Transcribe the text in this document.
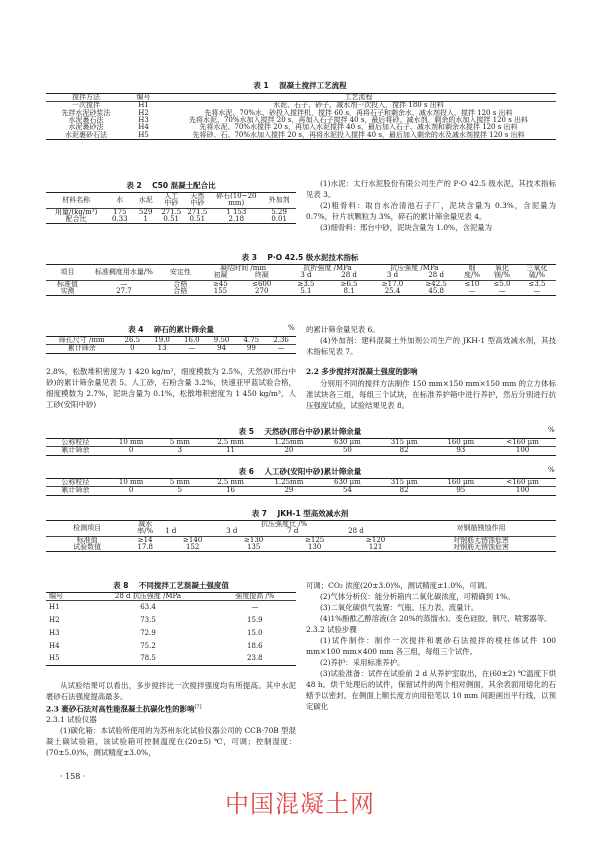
表 1    混凝土搅拌工艺流程
搅拌方法	编号	工艺流程
一次搅拌	H1	水泥、石子、砂子、减水剂一次投入，搅拌 180 s 出料
先拌水泥砂浆法	H2	先将水泥、70%水、砂投入搅拌机，搅拌 60 s，再将石子和剩余水、减水剂投入，搅拌 120 s 出料
水泥裹石法	H3	先将水泥、70%水加入搅拌 20 s，再加入石子搅拌 40 s，最后将砂、减水剂、剩余的水加入搅拌 120 s 出料
水泥裹砂法	H4	先将水泥、70%水搅拌 20 s，再加入水泥搅拌 40 s，最后加入石子、减水剂和剩余水搅拌 120 s 出料
水泥裹砂石法	H5	先将砂、石、70%水加入搅拌 20 s，再将水泥投入搅拌 40 s，最后加入剩余的水及减水剂搅拌 120 s 出料
表 2    C50 混凝土配合比
材料名称	水	水泥	人工中砂	天然中砂	碎石(10~20 mm)	外加剂
用量/(kg/m³)	175	529	271.5	271.5	1 153	5.29
配合比	0.33	1	0.51	0.51	2.18	0.01

(1)水泥：太行水泥股份有限公司生产的 P·O 42.5 级水泥，其技术指标见表 3。

(2)粗骨料：取自水冶清池石子厂，泥块含量为 0.3%，含泥量为 0.7%，针片状颗粒为 3%，碎石的累计筛余量见表 4。

(3)细骨料：邢台中砂，泥块含量为 1.0%，含泥量为

表 3    P·O 42.5 级水泥技术指标
项目	标准稠度用水量/%	安定性	凝结时间 /min		抗折强度 /MPa		抗压强度 /MPa		细度/%	氧化镁/%	三氧化硫/%
			初凝	终凝	3 d	28 d	3 d	28 d			
标准值	—	合格	≥45	≤600	≥3.5	≥6.5	≥17.0	≥42.5	≤10	≤5.0	≤3.5
实测	27.7	合格	155	270	5.1	8.1	25.4	45.8	—	—	—
表 4    碎石的累计筛余量	%
筛孔尺寸 /mm	26.5	19.0	16.0	9.50	4.75	2.36
累计筛余	0	13	—	94	99	—

的累计筛余量见表 6。

(4)外加剂：建科混凝土外加剂公司生产的 JKH-1 型高效减水剂，其技术指标见表 7。

2.8%，松散堆积密度为 1 420 kg/m³，细度模数为 2.5%，天然砂(邢台中砂)的累计筛余量见表 5。人工砂，石粉含量 3.2%，快速亚甲蓝试验合格，细度模数为 2.7%，泥块含量为 0.1%，松散堆积密度为 1 450 kg/m³，人工砂(安阳中砂)
2.2 多步搅拌对混凝土强度的影响
分别用不同的搅拌方法制作 150 mm×150 mm×150 mm 的立方体标准试块各三组，每组三个试块，在标准养护箱中进行养护，然后分别进行抗压强度试验，试验结果见表 8。
表 5    天然砂(邢台中砂)累计筛余量	%
公称粒径	10 mm	5 mm	2.5 mm	1.25mm	630 μm	315 μm	160 μm	<160 μm
累计筛余	0	3	11	20	50	82	93	100
表 6    人工砂(安阳中砂)累计筛余量	%
公称粒径	10 mm	5 mm	2.5 mm	1.25mm	630 μm	315 μm	160 μm	<160 μm
累计筛余	0	5	16	29	54	82	95	100
表 7    JKH-1 型高效减水剂
检测项目	减水率/%	抗压强度比 /%				对钢筋锈蚀作用
		1 d	3 d	7 d	28 d	
标准值	≥14	≥140	≥130	≥125	≥120	对钢筋无锈蚀危害
试验数值	17.8	152	135	130	121	对钢筋无锈蚀危害
表 8    不同搅拌工艺混凝土强度值
编号	28 d 抗压强度 /MPa	强度提高 /%
H1	63.4	—
H2	73.5	15.9
H3	72.9	15.0
H4	75.2	18.6
H5	78.5	23.8

从试验结果可以看出，多步搅拌比一次搅拌强度均有所提高。其中水泥裹砂石法强度提高最多。

2.3 裹砂石法对高性能混凝土抗碳化性的影响[7]

2.3.1 试验仪器

(1)碳化箱：本试验所使用的为苏州东化试验仪器公司的 CCB-70B 型混凝土碳试验箱，该试验箱可控制温度在(20±5) ℃，可调；控制湿度：(70±5.0)%，测试精度±3.0%，

可调；CO₂ 浓度(20±3.0)%，测试精度±1.0%，可调。

(2)气体分析仪：能分析箱内二氧化碳浓度，可精确到 1%。

(3)二氧化碳供气装置：气瓶、压力表、流量计。

(4)1%酚酞乙醇溶液(含 20%的蒸馏水)、变色硅胶、钢尺、喷雾器等。

2.3.2 试验步骤

(1)试件制作：制作一次搅拌和裹砂石法搅拌的棱柱体试件 100 mm×100 mm×400 mm 各三组，每组三个试件。

(2)养护：采用标准养护。

(3)试验准备：试件在试验前 2 d 从养护室取出，在(60±2) ℃温度下烘 48 h。烘干处理后的试件，保留试件的两个相对侧面，其余表面用熔化的石蜡予以密封。在侧面上顺长度方向用铅笔以 10 mm 间距画出平行线，以预定碳化

· 158 ·
中国混凝土网
